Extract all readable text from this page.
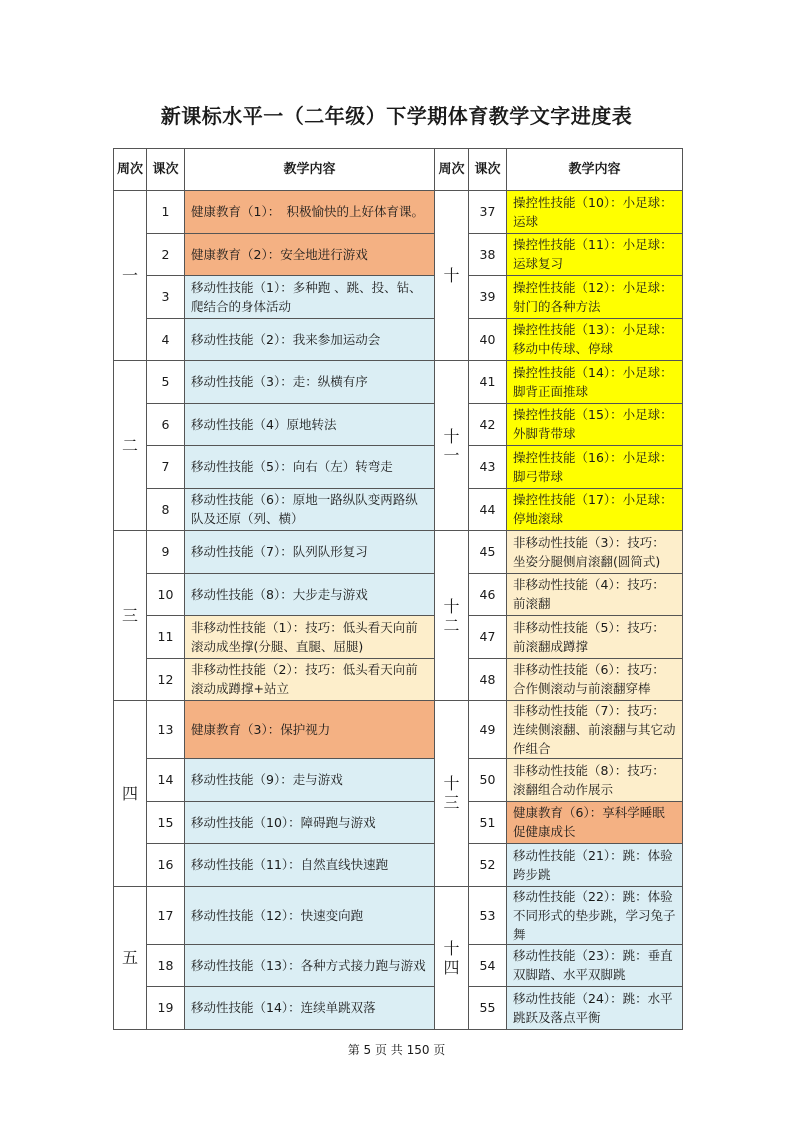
新课标水平一（二年级）下学期体育教学文字进度表
周次	课次	教学内容	周次	课次	教学内容
一	1	健康教育（1）：　积极愉快的上好体育课。	十	37	操控性技能（10）：小足球：运球
	2	健康教育（2）：安全地进行游戏		38	操控性技能（11）：小足球：运球复习
	3	移动性技能（1）：多种跑 、跳、投、钻、爬结合的身体活动		39	操控性技能（12）：小足球：射门的各种方法
	4	移动性技能（2）：我来参加运动会		40	操控性技能（13）：小足球：移动中传球、停球
二	5	移动性技能（3）：走：纵横有序	十一	41	操控性技能（14）：小足球：脚背正面推球
	6	移动性技能（4）原地转法		42	操控性技能（15）：小足球：外脚背带球
	7	移动性技能（5）：向右（左）转弯走		43	操控性技能（16）：小足球：脚弓带球
	8	移动性技能（6）：原地一路纵队变两路纵队及还原（列、横）		44	操控性技能（17）：小足球：停地滚球
三	9	移动性技能（7）：队列队形复习	十二	45	非移动性技能（3）：技巧：坐姿分腿侧肩滚翻(圆简式)
	10	移动性技能（8）：大步走与游戏		46	非移动性技能（4）：技巧：前滚翻
	11	非移动性技能（1）：技巧：低头看天向前滚动成坐撑(分腿、直腿、屈腿)		47	非移动性技能（5）：技巧：前滚翻成蹲撑
	12	非移动性技能（2）：技巧：低头看天向前滚动成蹲撑+站立		48	非移动性技能（6）：技巧：合作侧滚动与前滚翻穿棒
四	13	健康教育（3）：保护视力	十三	49	非移动性技能（7）：技巧：连续侧滚翻、前滚翻与其它动作组合
	14	移动性技能（9）：走与游戏		50	非移动性技能（8）：技巧：滚翻组合动作展示
	15	移动性技能（10）：障碍跑与游戏		51	健康教育（6）：享科学睡眠促健康成长
	16	移动性技能（11）：自然直线快速跑		52	移动性技能（21）：跳：体验跨步跳
五	17	移动性技能（12）：快速变向跑	十四	53	移动性技能（22）：跳：体验不同形式的垫步跳，学习兔子舞
	18	移动性技能（13）：各种方式接力跑与游戏		54	移动性技能（23）：跳：垂直双脚踏、水平双脚跳
	19	移动性技能（14）：连续单跳双落		55	移动性技能（24）：跳：水平跳跃及落点平衡
第 5 页 共 150 页
